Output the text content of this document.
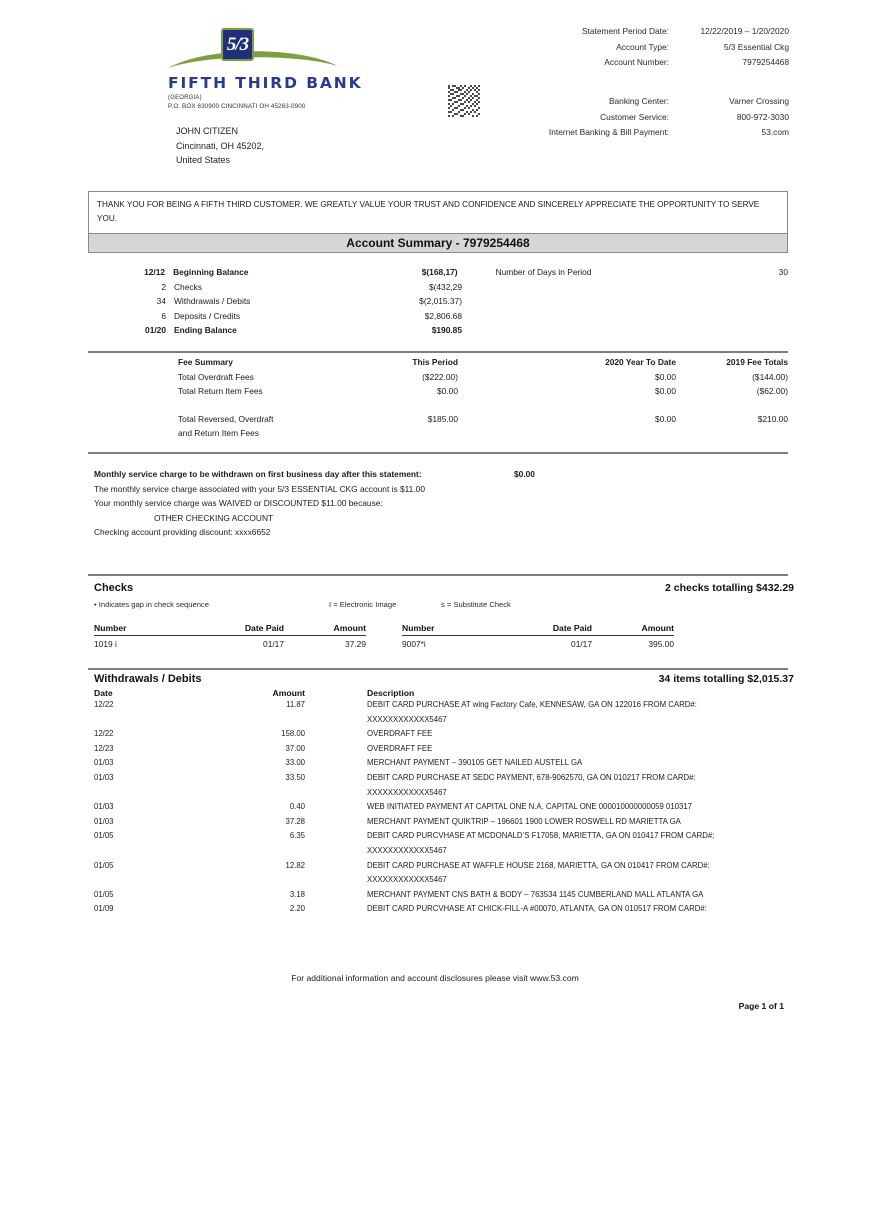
5/3
FIFTH THIRD BANK
(GEORGIA)
P.O. BOX 630900 CINCINNATI OH 45263-0900
Statement Period Date:	12/22/2019 – 1/20/2020
Account Type:	5/3 Essential Ckg
Account Number:	7979254468
Banking Center:	Varner Crossing
Customer Service:	800-972-3030
Internet Banking & Bill Payment:	53.com
JOHN CITIZEN
Cincinnati, OH 45202,
United States
THANK YOU FOR BEING A FIFTH THIRD CUSTOMER. WE GREATLY VALUE YOUR TRUST AND CONFIDENCE AND SINCERELY APPRECIATE THE OPPORTUNITY TO SERVE YOU.
Account Summary - 7979254468
12/12 Beginning Balance	$(168,17)	Number of Days in Period	30
2 Checks	$(432,29
34 Withdrawals / Debits	$(2,015.37)
6 Deposits / Credits	$2,806.68
01/20 Ending Balance	$190.85
Fee Summary	This Period	2020 Year To Date	2019 Fee Totals
Total Overdraft Fees	($222.00)	$0.00	($144.00)
Total Return Item Fees	$0.00	$0.00	($62.00)
Total Reversed, Overdraft	$185.00	$0.00	$210.00
and Return Item Fees
Monthly service charge to be withdrawn on first business day after this statement:	$0.00
The monthly service charge associated with your 5/3 ESSENTIAL CKG account is $11.00
Your monthly service charge was WAIVED or DISCOUNTED $11.00 because:
OTHER CHECKING ACCOUNT
Checking account providing discount: xxxx6652
Checks	2 checks totalling $432.29
• Indicates gap in check sequence	I = Electronic Image	s = Substitute Check
Number	Date Paid	Amount
1019 i	01/17	37.29
Number	Date Paid	Amount
9007*i	01/17	395.00
Withdrawals / Debits	34 items totalling $2,015.37
Date	Amount	Description
12/22	11.87	DEBIT CARD PURCHASE AT wing Factory Cafe, KENNESAW, GA ON 122016 FROM CARD#:
XXXXXXXXXXXX5467
12/22	158.00	OVERDRAFT FEE
12/23	37.00	OVERDRAFT FEE
01/03	33.00	MERCHANT PAYMENT – 390105 GET NAILED AUSTELL GA
01/03	33.50	DEBIT CARD PURCHASE AT SEDC PAYMENT, 678-9062570, GA ON 010217 FROM CARD#:
XXXXXXXXXXXX5467
01/03	0.40	WEB INITIATED PAYMENT AT CAPITAL ONE N.A. CAPITAL ONE 000010000000059 010317
01/03	37.28	MERCHANT PAYMENT QUIKTRIP – 196601 1900 LOWER ROSWELL RD MARIETTA GA
01/05	6.35	DEBIT CARD PURCVHASE AT MCDONALD’S F17058, MARIETTA, GA ON 010417 FROM CARD#:
XXXXXXXXXXXX5467
01/05	12.82	DEBIT CARD PURCHASE AT WAFFLE HOUSE 2168, MARIETTA, GA ON 010417 FROM CARD#:
XXXXXXXXXXXX5467
01/05	3.18	MERCHANT PAYMENT CNS BATH & BODY – 763534 1145 CUMBERLAND MALL ATLANTA GA
01/09	2.20	DEBIT CARD PURCVHASE AT CHICK-FILL-A #00070, ATLANTA, GA ON 010517 FROM CARD#:
For additional information and account disclosures please visit www.53.com
Page 1 of 1
